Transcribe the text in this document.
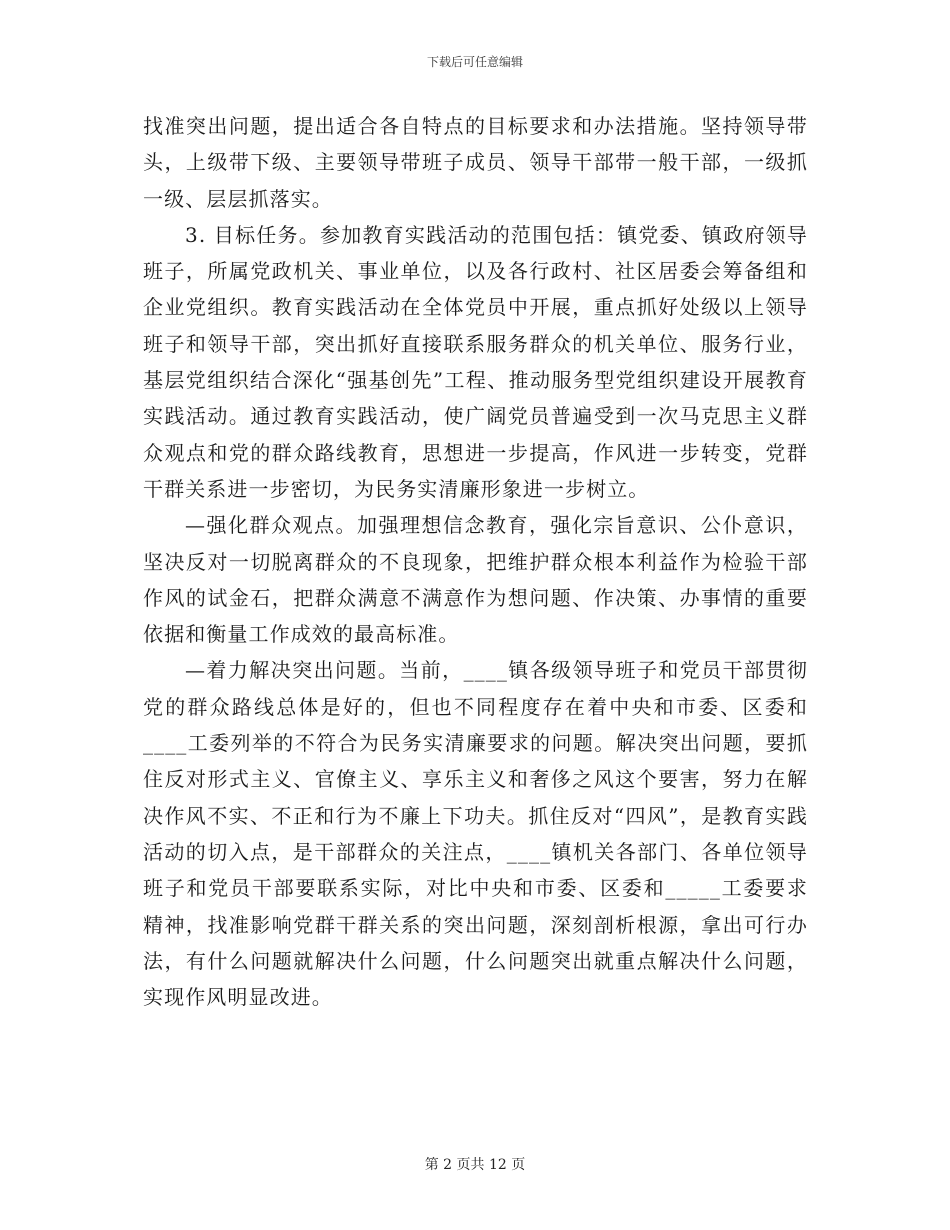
下载后可任意编辑

找准突出问题，提出适合各自特点的目标要求和办法措施。坚持领导带头，上级带下级、主要领导带班子成员、领导干部带一般干部，一级抓一级、层层抓落实。

3. 目标任务。参加教育实践活动的范围包括：镇党委、镇政府领导班子，所属党政机关、事业单位，以及各行政村、社区居委会筹备组和企业党组织。教育实践活动在全体党员中开展，重点抓好处级以上领导班子和领导干部，突出抓好直接联系服务群众的机关单位、服务行业，基层党组织结合深化“强基创先”工程、推动服务型党组织建设开展教育实践活动。通过教育实践活动，使广阔党员普遍受到一次马克思主义群众观点和党的群众路线教育，思想进一步提高，作风进一步转变，党群干群关系进一步密切，为民务实清廉形象进一步树立。

—强化群众观点。加强理想信念教育，强化宗旨意识、公仆意识，坚决反对一切脱离群众的不良现象，把维护群众根本利益作为检验干部作风的试金石，把群众满意不满意作为想问题、作决策、办事情的重要依据和衡量工作成效的最高标准。

—着力解决突出问题。当前，____镇各级领导班子和党员干部贯彻党的群众路线总体是好的，但也不同程度存在着中央和市委、区委和____工委列举的不符合为民务实清廉要求的问题。解决突出问题，要抓住反对形式主义、官僚主义、享乐主义和奢侈之风这个要害，努力在解决作风不实、不正和行为不廉上下功夫。抓住反对“四风”，是教育实践活动的切入点，是干部群众的关注点，____镇机关各部门、各单位领导班子和党员干部要联系实际，对比中央和市委、区委和_____工委要求精神，找准影响党群干群关系的突出问题，深刻剖析根源，拿出可行办法，有什么问题就解决什么问题，什么问题突出就重点解决什么问题，实现作风明显改进。

第 2 页共 12 页
